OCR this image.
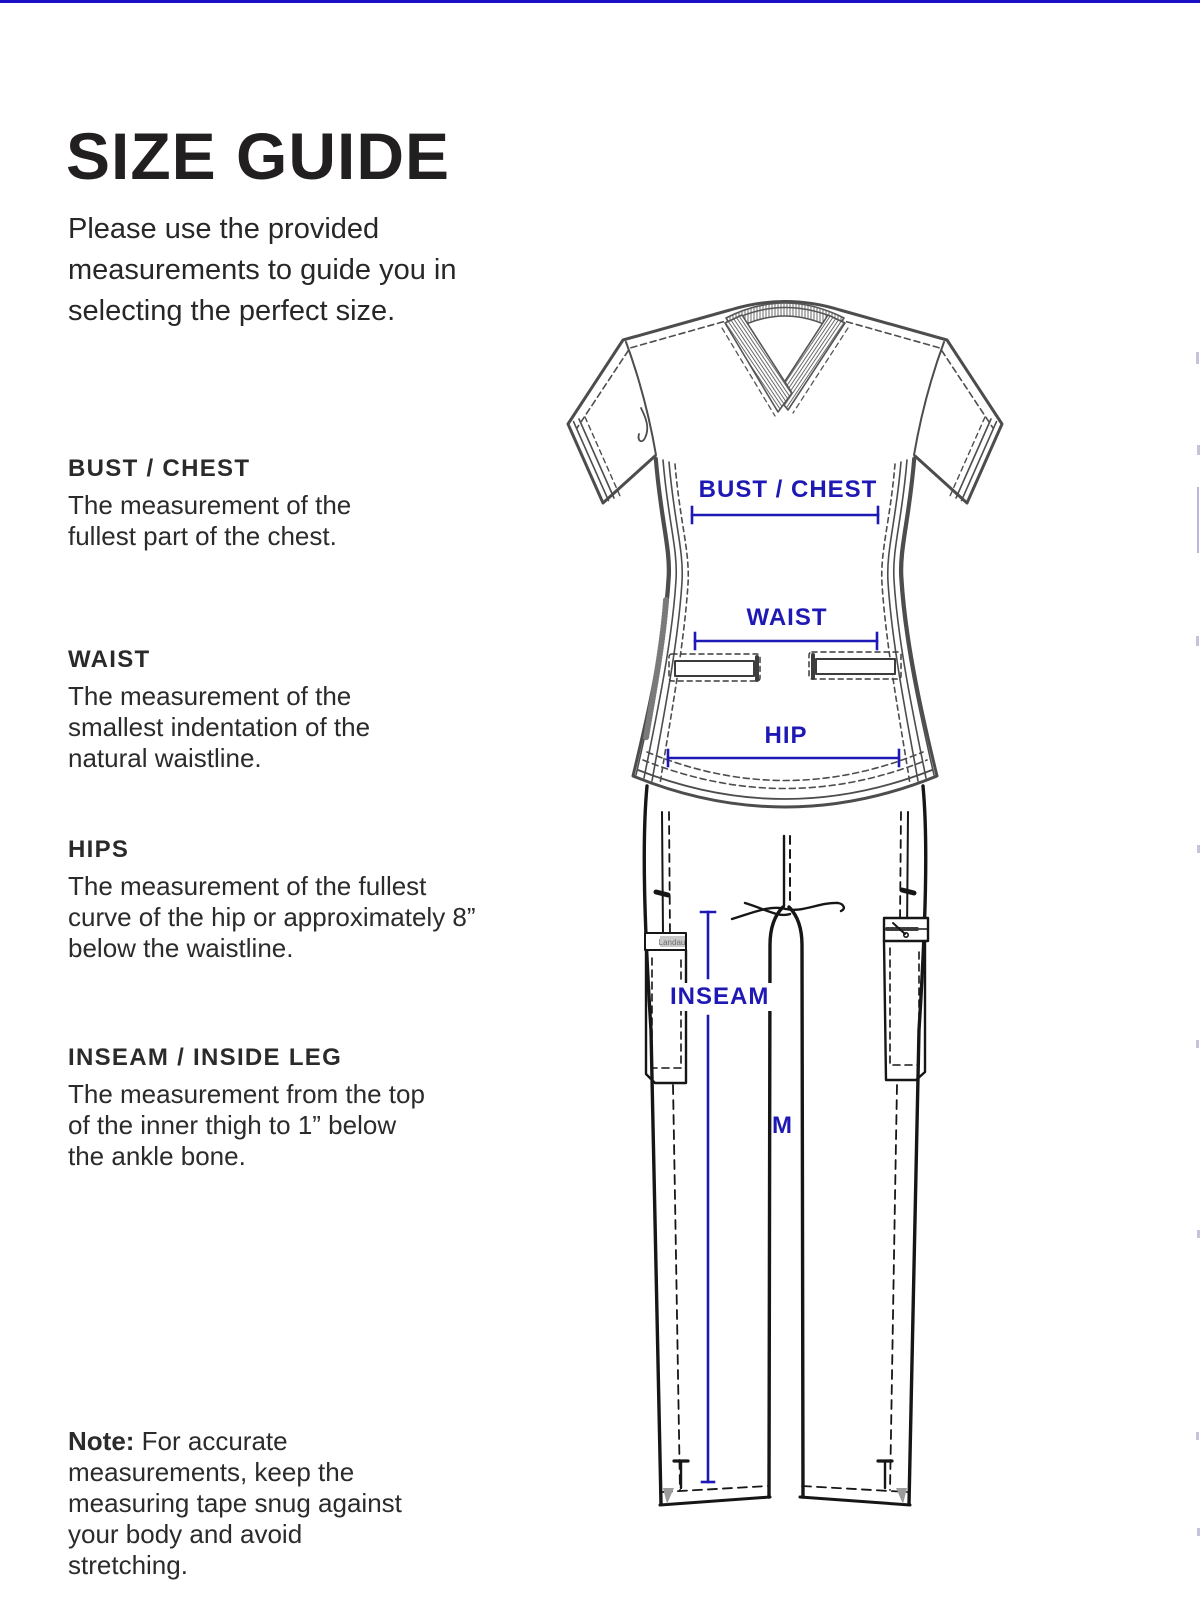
SIZE GUIDE

Please use the provided measurements to guide you in selecting the perfect size.

BUST / CHEST
The measurement of the fullest part of the chest.
WAIST
The measurement of the smallest indentation of the natural waistline.
HIPS
The measurement of the fullest curve of the hip or approximately 8” below the waistline.
INSEAM / INSIDE LEG
The measurement from the top of the inner thigh to 1” below the ankle bone.

Note: For accurate measurements, keep the measuring tape snug against your body and avoid stretching.

Landau
BUST / CHEST
WAIST
HIP
INSEAM
M
